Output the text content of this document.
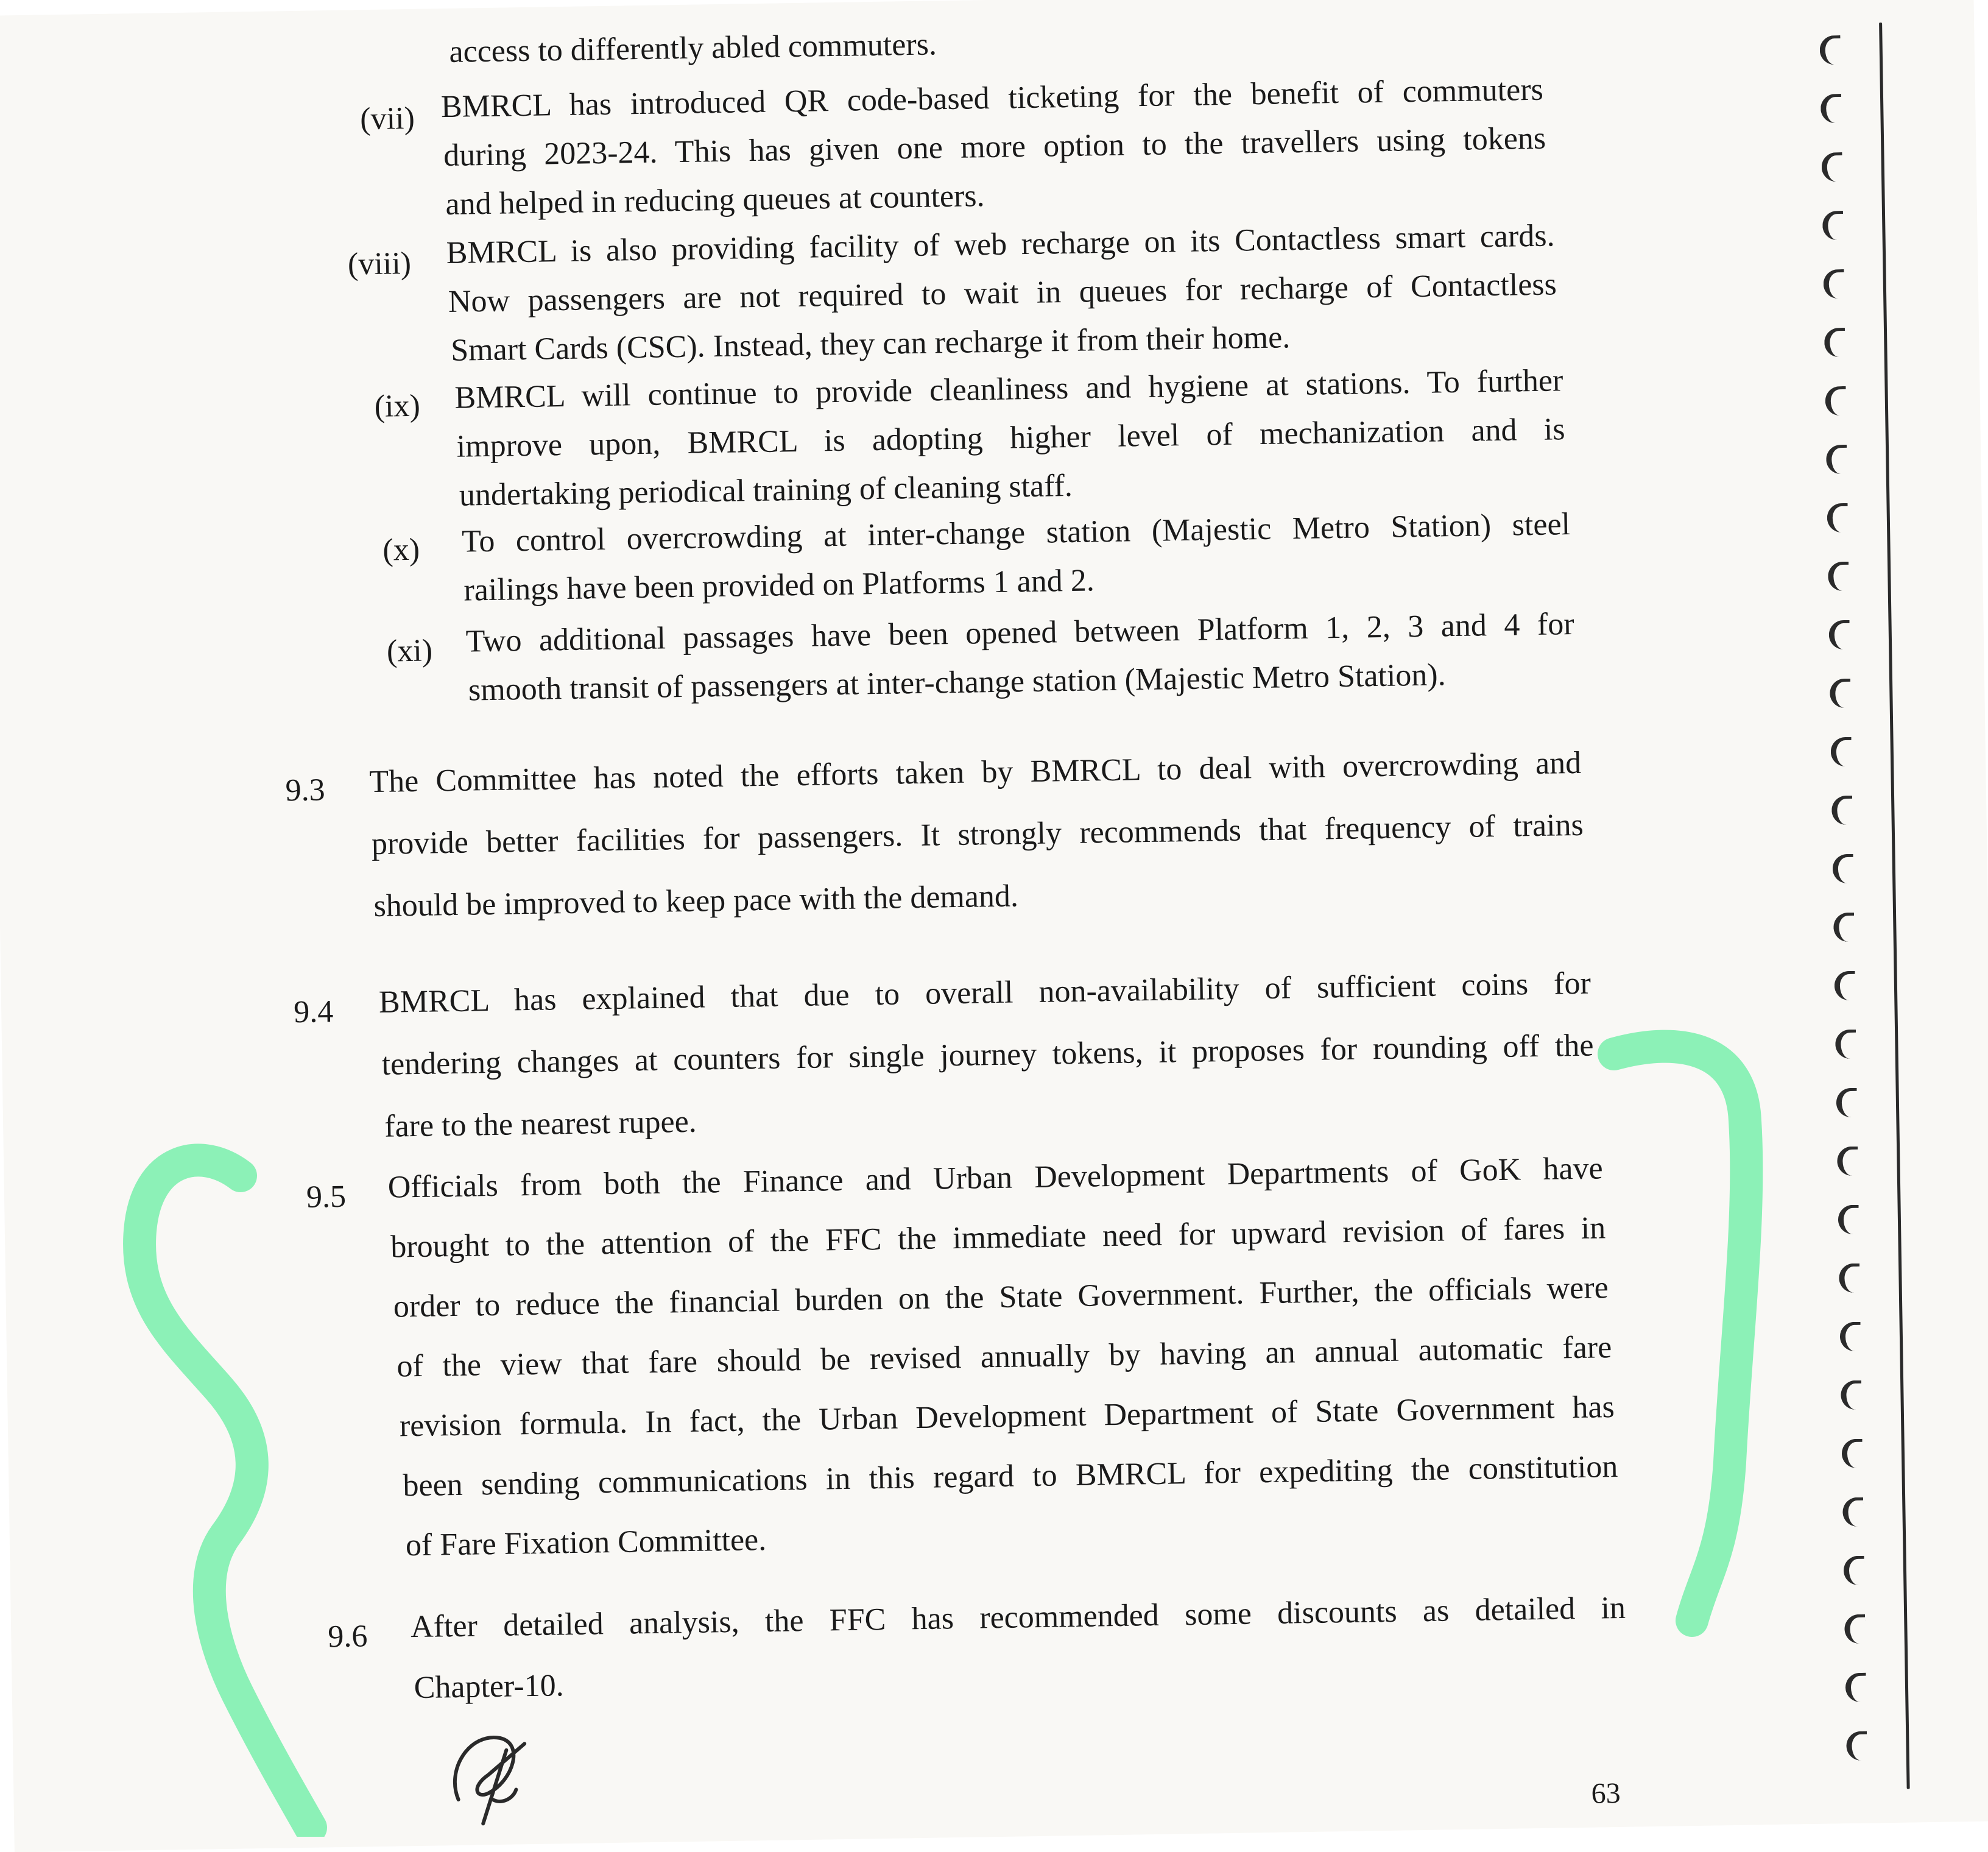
access to differently abled commuters.
(vii) BMRCL has introduced QR code-based ticketing for the benefit of commuters
during 2023-24. This has given one more option to the travellers using tokens
and helped in reducing queues at counters.
(viii) BMRCL is also providing facility of web recharge on its Contactless smart cards.
Now passengers are not required to wait in queues for recharge of Contactless
Smart Cards (CSC). Instead, they can recharge it from their home.
(ix) BMRCL will continue to provide cleanliness and hygiene at stations. To further
improve upon, BMRCL is adopting higher level of mechanization and is
undertaking periodical training of cleaning staff.
(x) To control overcrowding at inter-change station (Majestic Metro Station) steel
railings have been provided on Platforms 1 and 2.
(xi) Two additional passages have been opened between Platform 1, 2, 3 and 4 for
smooth transit of passengers at inter-change station (Majestic Metro Station).
9.3 The Committee has noted the efforts taken by BMRCL to deal with overcrowding and
provide better facilities for passengers. It strongly recommends that frequency of trains
should be improved to keep pace with the demand.
9.4 BMRCL has explained that due to overall non-availability of sufficient coins for
tendering changes at counters for single journey tokens, it proposes for rounding off the
fare to the nearest rupee.
9.5 Officials from both the Finance and Urban Development Departments of GoK have
brought to the attention of the FFC the immediate need for upward revision of fares in
order to reduce the financial burden on the State Government. Further, the officials were
of the view that fare should be revised annually by having an annual automatic fare
revision formula. In fact, the Urban Development Department of State Government has
been sending communications in this regard to BMRCL for expediting the constitution
of Fare Fixation Committee.
9.6 After detailed analysis, the FFC has recommended some discounts as detailed in
Chapter-10.
63
